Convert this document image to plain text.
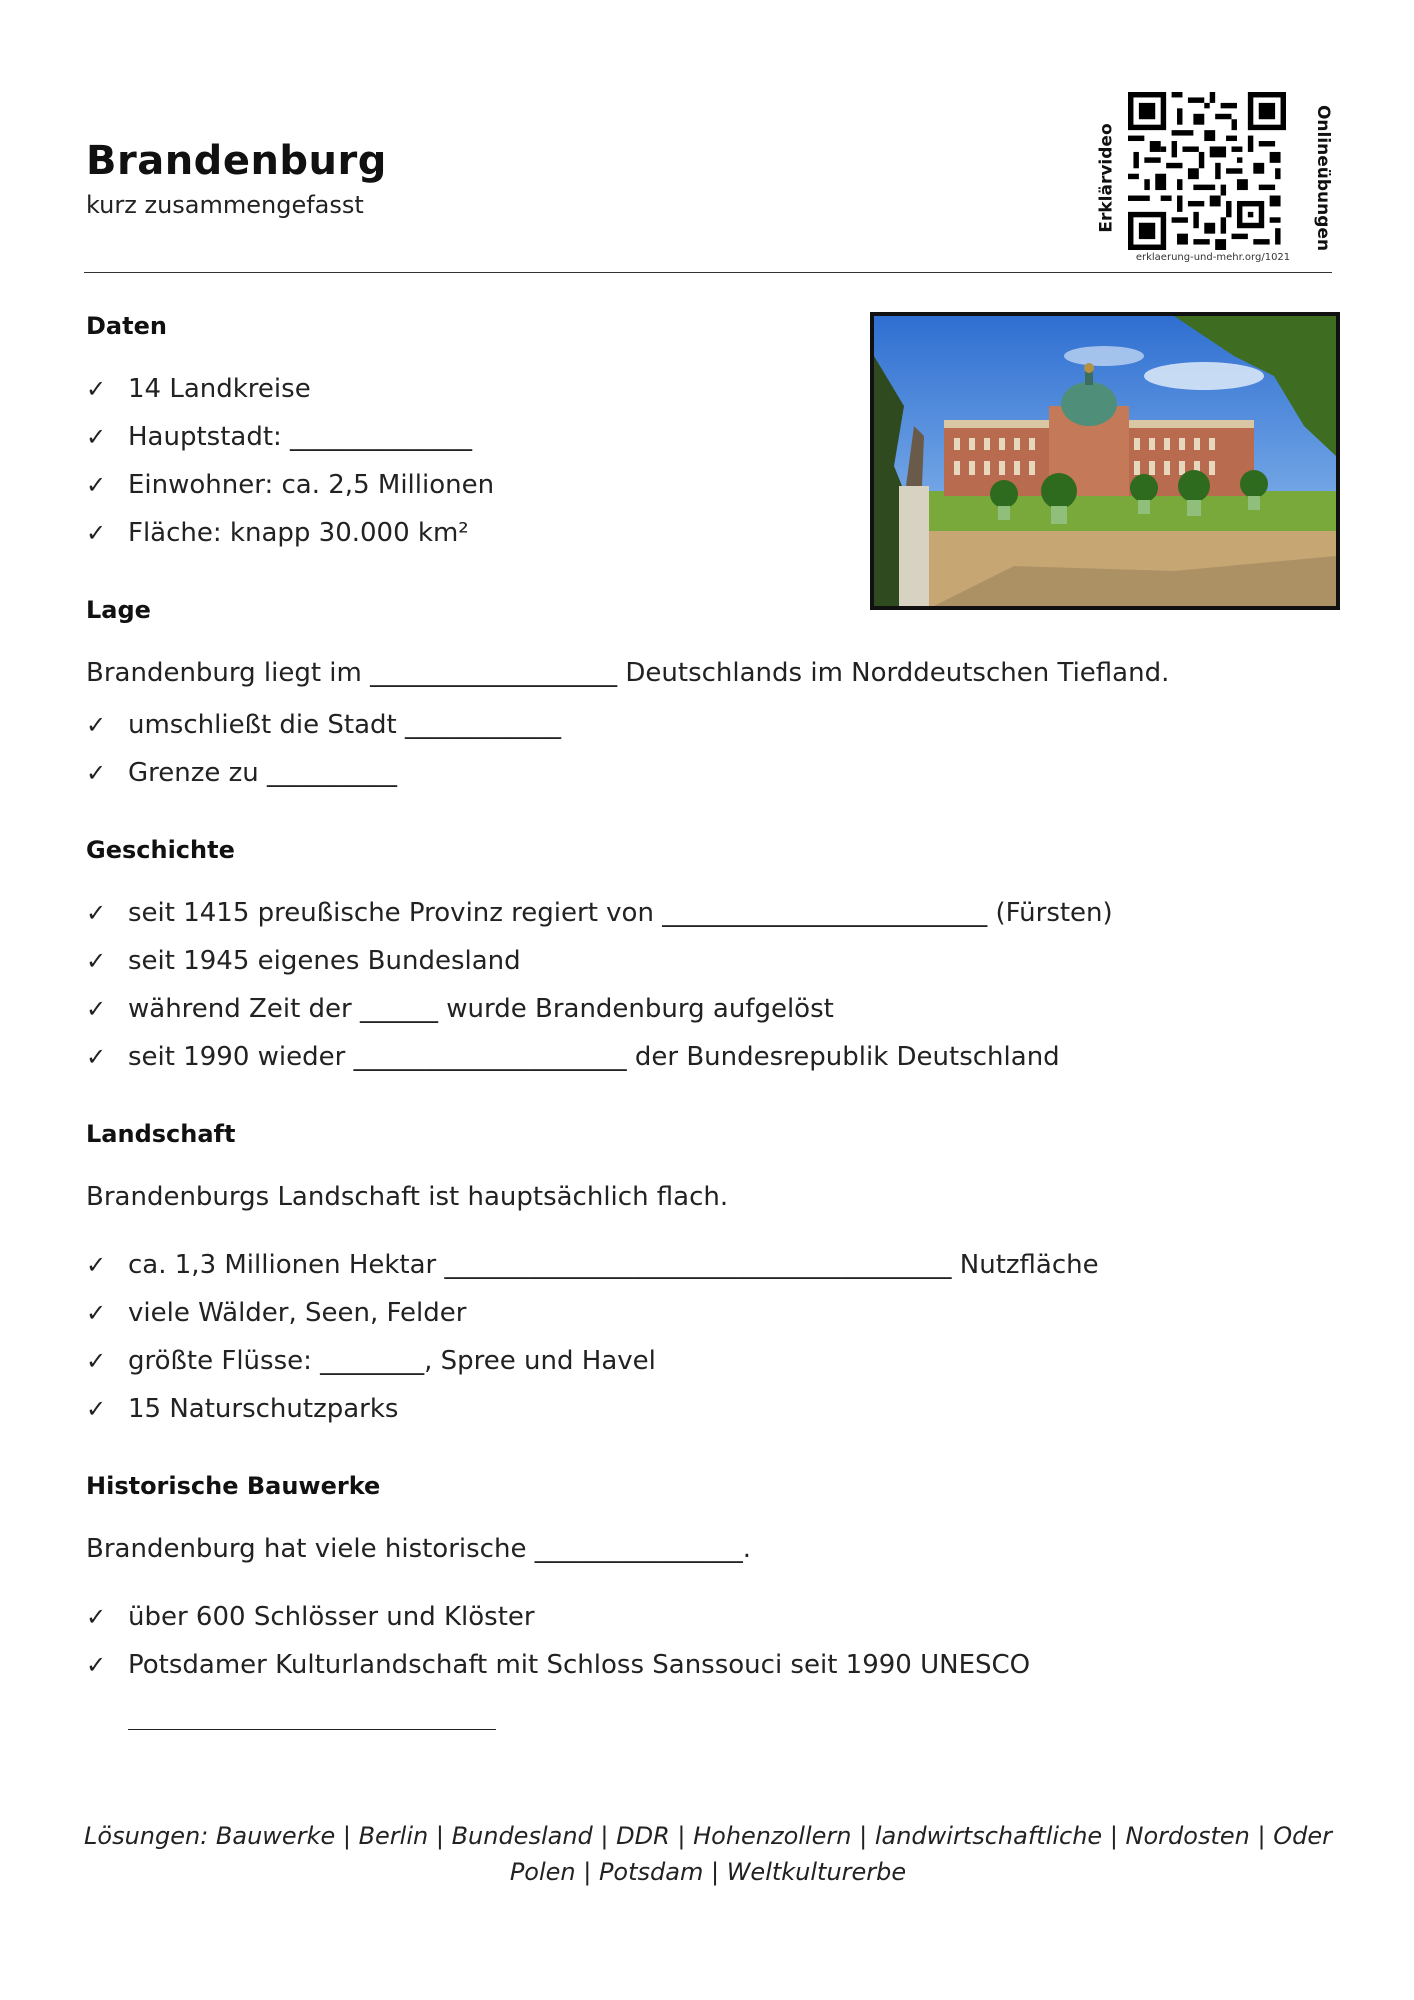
Brandenburg
kurz zusammengefasst	Erklärvideo	Onlineübungen
erklaerung-und-mehr.org/1021
Daten
✓ 14 Landkreise
✓ Hauptstadt: ______________
✓ Einwohner: ca. 2,5 Millionen
✓ Fläche: knapp 30.000 km²
Lage
Brandenburg liegt im ___________________ Deutschlands im Norddeutschen Tiefland.
✓ umschließt die Stadt ____________
✓ Grenze zu __________
Geschichte
✓ seit 1415 preußische Provinz regiert von _________________________ (Fürsten)
✓ seit 1945 eigenes Bundesland
✓ während Zeit der ______ wurde Brandenburg aufgelöst
✓ seit 1990 wieder _____________________ der Bundesrepublik Deutschland
Landschaft
Brandenburgs Landschaft ist hauptsächlich flach.
✓ ca. 1,3 Millionen Hektar _______________________________________ Nutzfläche
✓ viele Wälder, Seen, Felder
✓ größte Flüsse: ________, Spree und Havel
✓ 15 Naturschutzparks
Historische Bauwerke
Brandenburg hat viele historische ________________.
✓ über 600 Schlösser und Klöster
✓ Potsdamer Kulturlandschaft mit Schloss Sanssouci seit 1990 UNESCO
Lösungen: Bauwerke | Berlin | Bundesland | DDR | Hohenzollern | landwirtschaftliche | Nordosten | Oder
Polen | Potsdam | Weltkulturerbe
